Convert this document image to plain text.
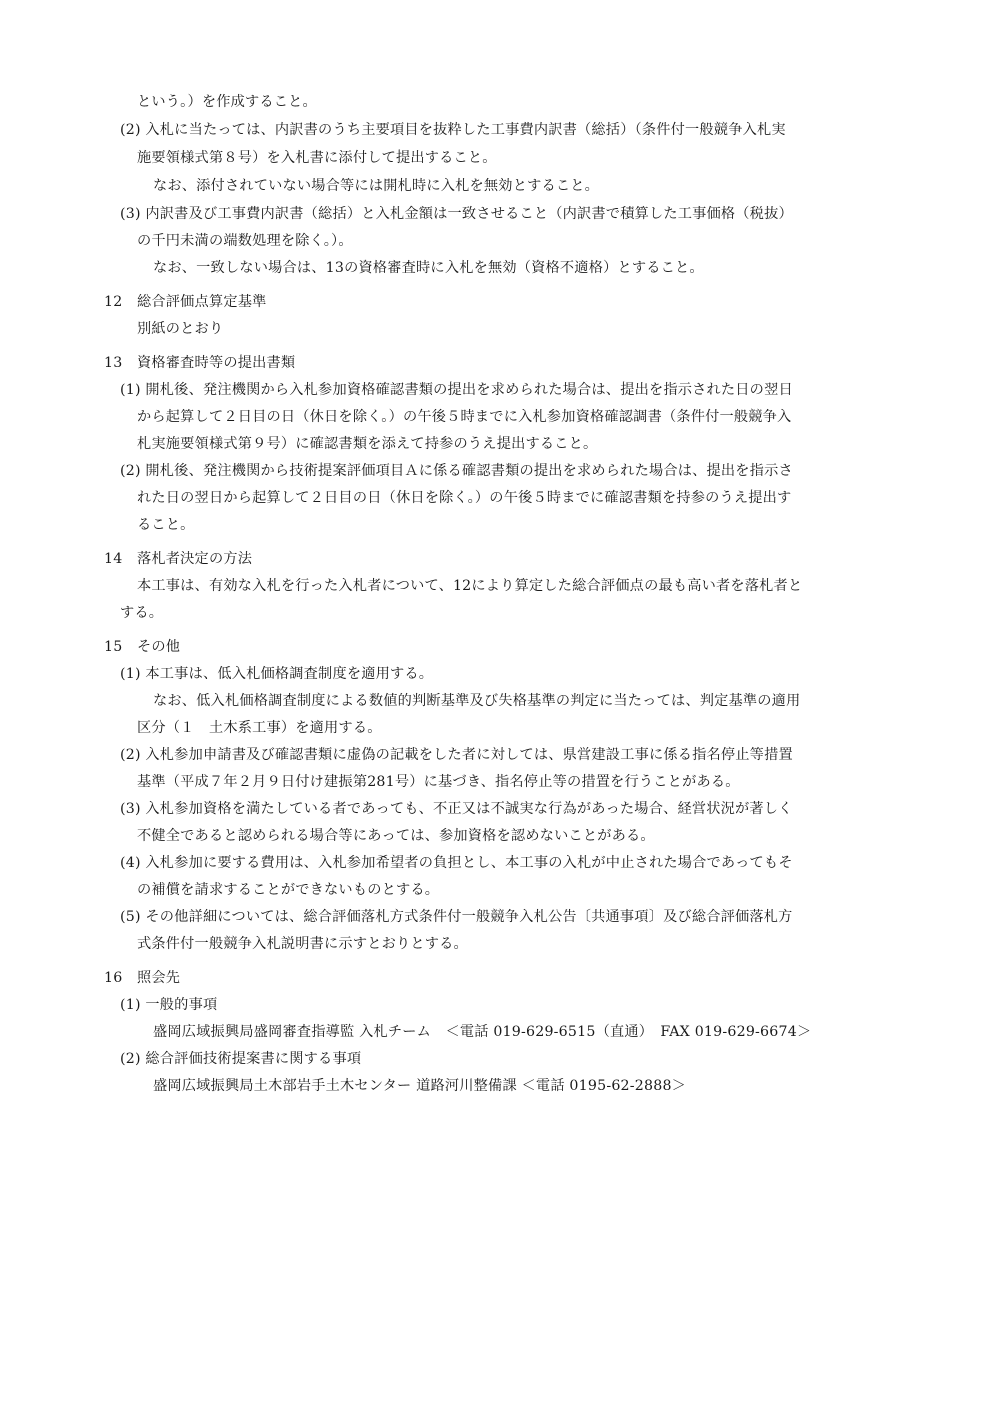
という。）を作成すること。
(2) 入札に当たっては、内訳書のうち主要項目を抜粋した工事費内訳書（総括）（条件付一般競争入札実
施要領様式第８号）を入札書に添付して提出すること。
なお、添付されていない場合等には開札時に入札を無効とすること。
(3) 内訳書及び工事費内訳書（総括）と入札金額は一致させること（内訳書で積算した工事価格（税抜）
の千円未満の端数処理を除く。）。
なお、一致しない場合は、13の資格審査時に入札を無効（資格不適格）とすること。
12 総合評価点算定基準
別紙のとおり
13 資格審査時等の提出書類
(1) 開札後、発注機関から入札参加資格確認書類の提出を求められた場合は、提出を指示された日の翌日
から起算して２日目の日（休日を除く。）の午後５時までに入札参加資格確認調書（条件付一般競争入
札実施要領様式第９号）に確認書類を添えて持参のうえ提出すること。
(2) 開札後、発注機関から技術提案評価項目Ａに係る確認書類の提出を求められた場合は、提出を指示さ
れた日の翌日から起算して２日目の日（休日を除く。）の午後５時までに確認書類を持参のうえ提出す
ること。
14 落札者決定の方法
本工事は、有効な入札を行った入札者について、12により算定した総合評価点の最も高い者を落札者と
する。
15 その他
(1) 本工事は、低入札価格調査制度を適用する。
なお、低入札価格調査制度による数値的判断基準及び失格基準の判定に当たっては、判定基準の適用
区分（１　土木系工事）を適用する。
(2) 入札参加申請書及び確認書類に虚偽の記載をした者に対しては、県営建設工事に係る指名停止等措置
基準（平成７年２月９日付け建振第281号）に基づき、指名停止等の措置を行うことがある。
(3) 入札参加資格を満たしている者であっても、不正又は不誠実な行為があった場合、経営状況が著しく
不健全であると認められる場合等にあっては、参加資格を認めないことがある。
(4) 入札参加に要する費用は、入札参加希望者の負担とし、本工事の入札が中止された場合であってもそ
の補償を請求することができないものとする。
(5) その他詳細については、総合評価落札方式条件付一般競争入札公告〔共通事項〕及び総合評価落札方
式条件付一般競争入札説明書に示すとおりとする。
16 照会先
(1) 一般的事項
盛岡広域振興局盛岡審査指導監 入札チーム　＜電話 019-629-6515（直通）　FAX 019-629-6674＞
(2) 総合評価技術提案書に関する事項
盛岡広域振興局土木部岩手土木センター 道路河川整備課 ＜電話 0195-62-2888＞
